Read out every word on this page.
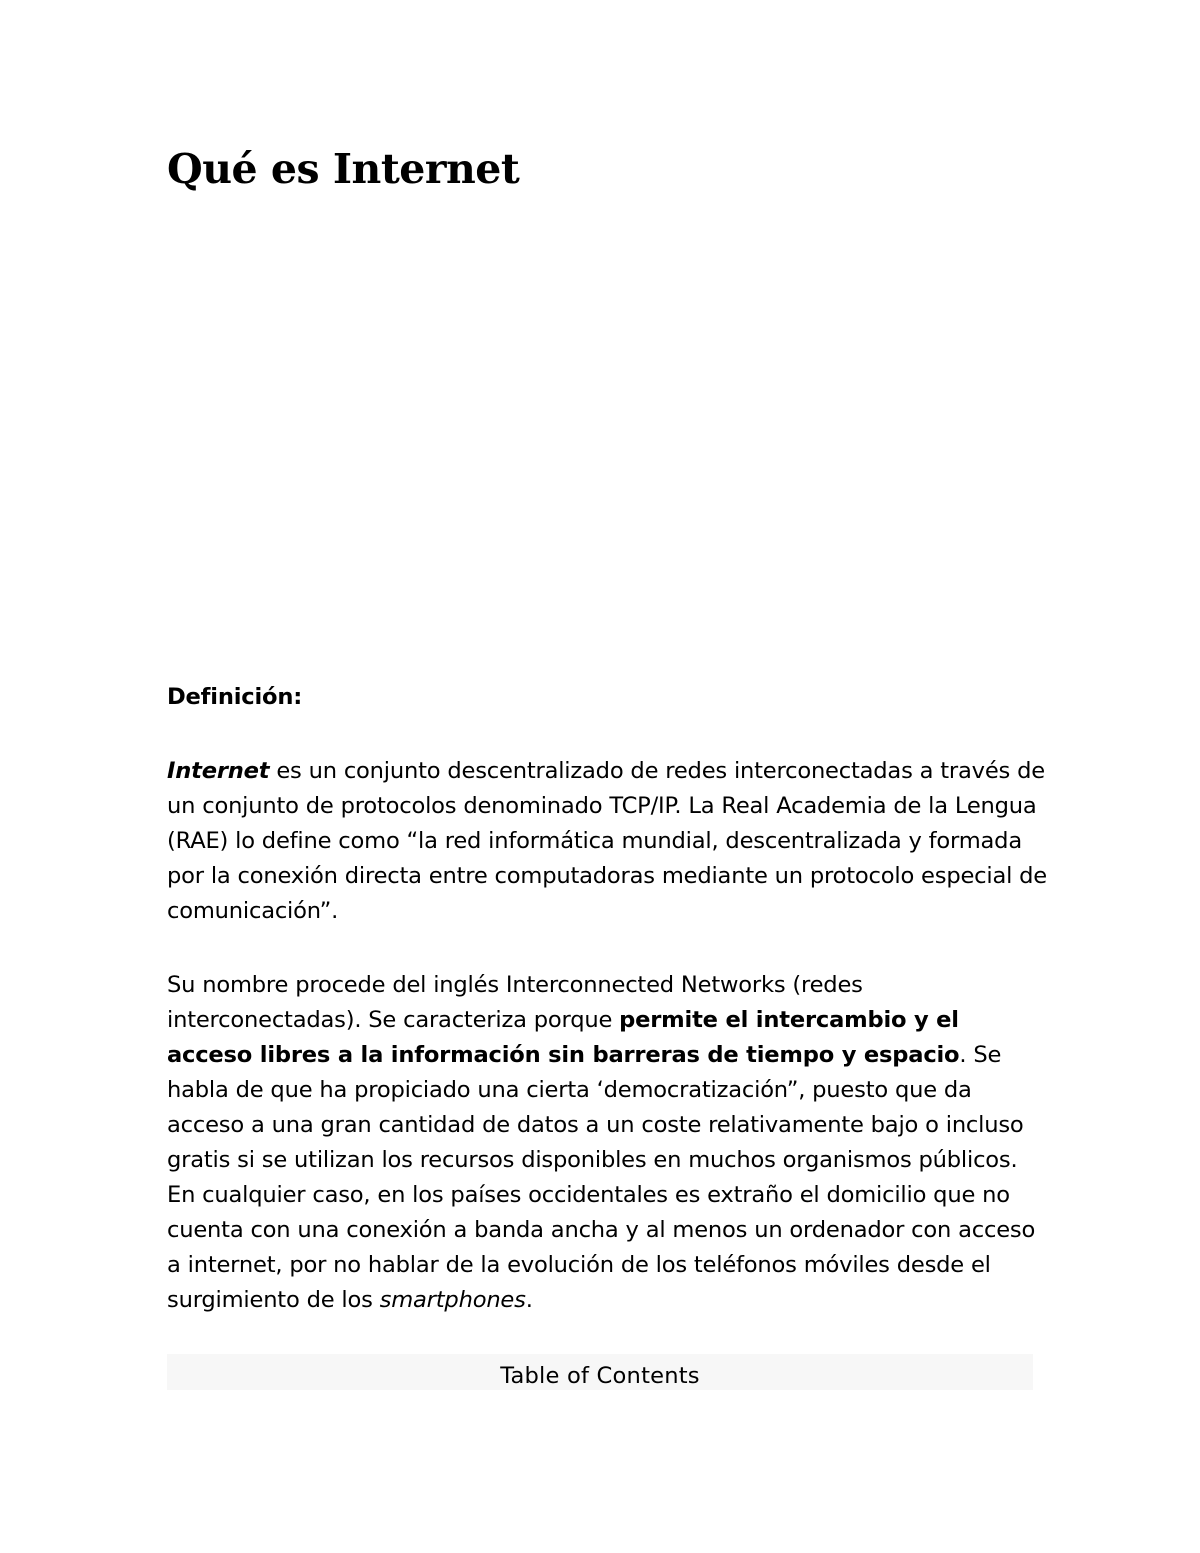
Qué es Internet

Definición:

Internet es un conjunto descentralizado de redes interconectadas a través de un conjunto de protocolos denominado TCP/IP. La Real Academia de la Lengua (RAE) lo define como “la red informática mundial, descentralizada y formada por la conexión directa entre computadoras mediante un protocolo especial de comunicación”.

Su nombre procede del inglés Interconnected Networks (redes interconectadas). Se caracteriza porque permite el intercambio y el acceso libres a la información sin barreras de tiempo y espacio. Se habla de que ha propiciado una cierta ‘democratización”, puesto que da acceso a una gran cantidad de datos a un coste relativamente bajo o incluso gratis si se utilizan los recursos disponibles en muchos organismos públicos. En cualquier caso, en los países occidentales es extraño el domicilio que no cuenta con una conexión a banda ancha y al menos un ordenador con acceso a internet, por no hablar de la evolución de los teléfonos móviles desde el surgimiento de los smartphones.

Table of Contents
